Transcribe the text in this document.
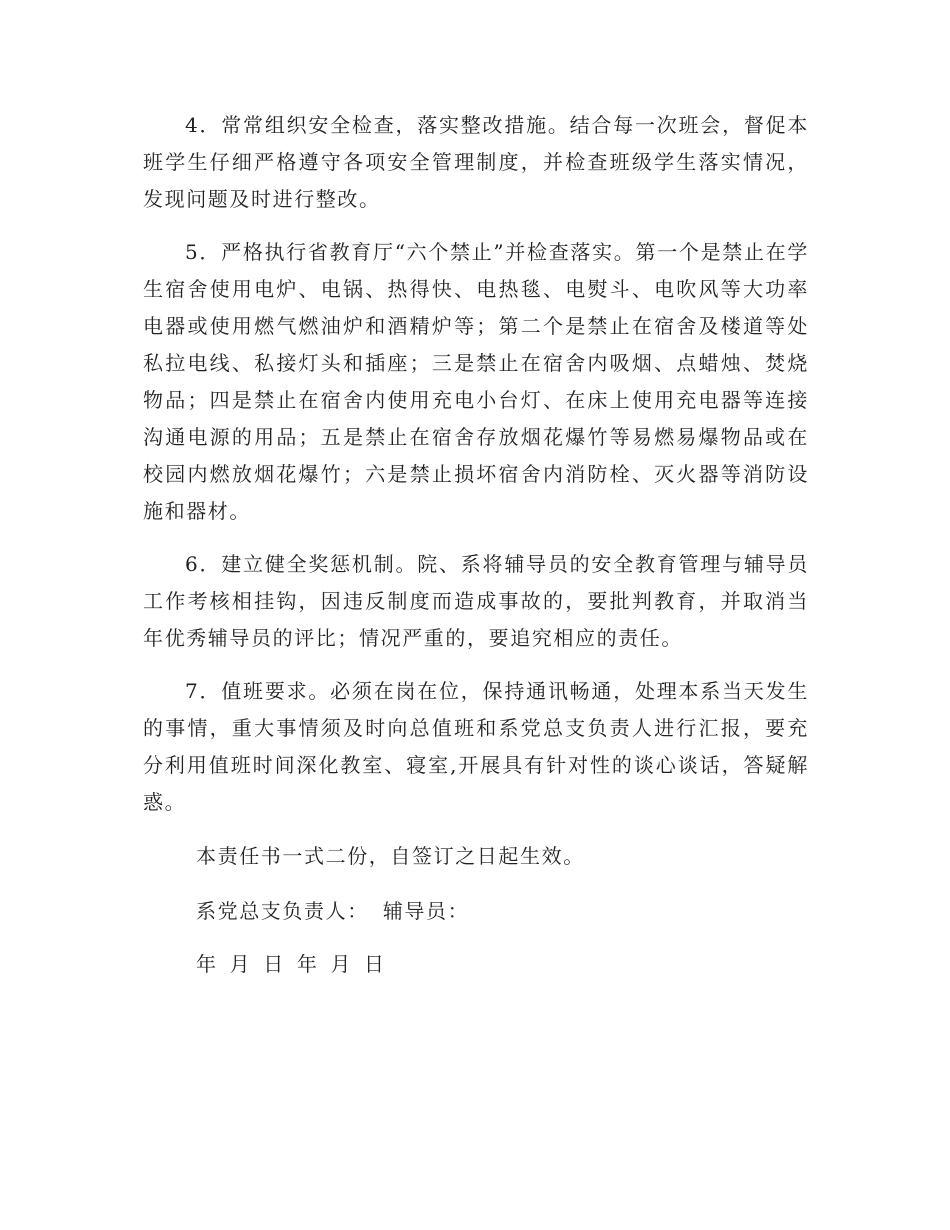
4．常常组织安全检查，落实整改措施。结合每一次班会，督促本班学生仔细严格遵守各项安全管理制度，并检查班级学生落实情况，发现问题及时进行整改。

5．严格执行省教育厅“六个禁止”并检查落实。第一个是禁止在学生宿舍使用电炉、电锅、热得快、电热毯、电熨斗、电吹风等大功率电器或使用燃气燃油炉和酒精炉等；第二个是禁止在宿舍及楼道等处私拉电线、私接灯头和插座；三是禁止在宿舍内吸烟、点蜡烛、焚烧物品；四是禁止在宿舍内使用充电小台灯、在床上使用充电器等连接沟通电源的用品；五是禁止在宿舍存放烟花爆竹等易燃易爆物品或在校园内燃放烟花爆竹；六是禁止损坏宿舍内消防栓、灭火器等消防设施和器材。

6．建立健全奖惩机制。院、系将辅导员的安全教育管理与辅导员工作考核相挂钩，因违反制度而造成事故的，要批判教育，并取消当年优秀辅导员的评比；情况严重的，要追究相应的责任。

7．值班要求。必须在岗在位，保持通讯畅通，处理本系当天发生的事情，重大事情须及时向总值班和系党总支负责人进行汇报，要充分利用值班时间深化教室、寝室,开展具有针对性的谈心谈话，答疑解惑。

本责任书一式二份，自签订之日起生效。

系党总支负责人： 辅导员：

年 月 日 年 月 日
